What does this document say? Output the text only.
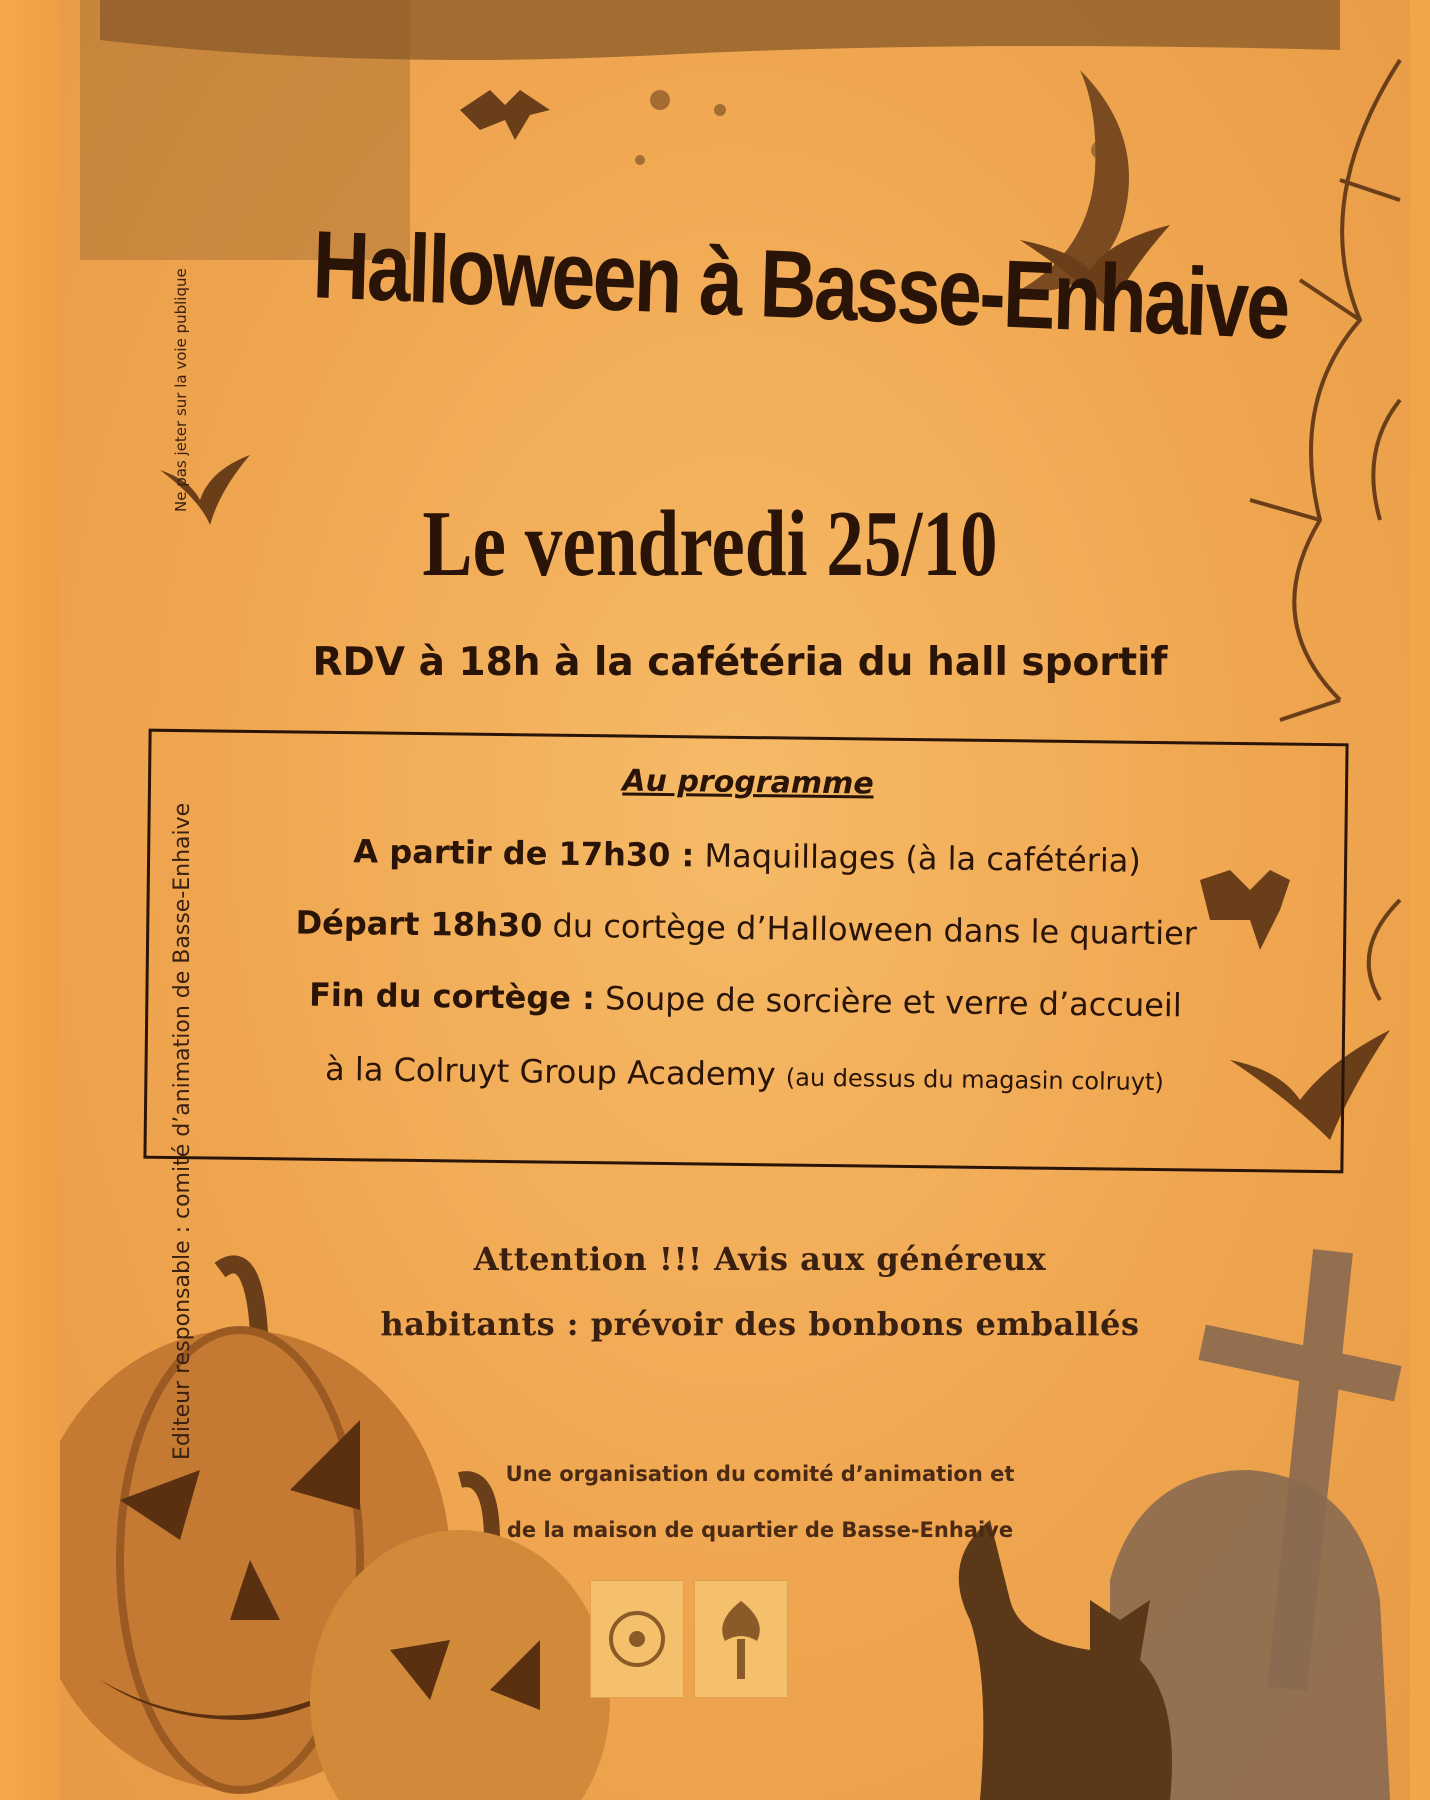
Halloween à Basse-Enhaive
Le vendredi 25/10
RDV à 18h à la cafétéria du hall sportif
Au programme
A partir de 17h30 : Maquillages (à la cafétéria)
Départ 18h30 du cortège d’Halloween dans le quartier
Fin du cortège : Soupe de sorcière et verre d’accueil
à la Colruyt Group Academy (au dessus du magasin colruyt)
Attention !!! Avis aux généreux
habitants : prévoir des bonbons emballés
Une organisation du comité d’animation et
de la maison de quartier de Basse-Enhaive
Editeur responsable : comité d’animation de Basse-Enhaive
Ne pas jeter sur la voie publique
